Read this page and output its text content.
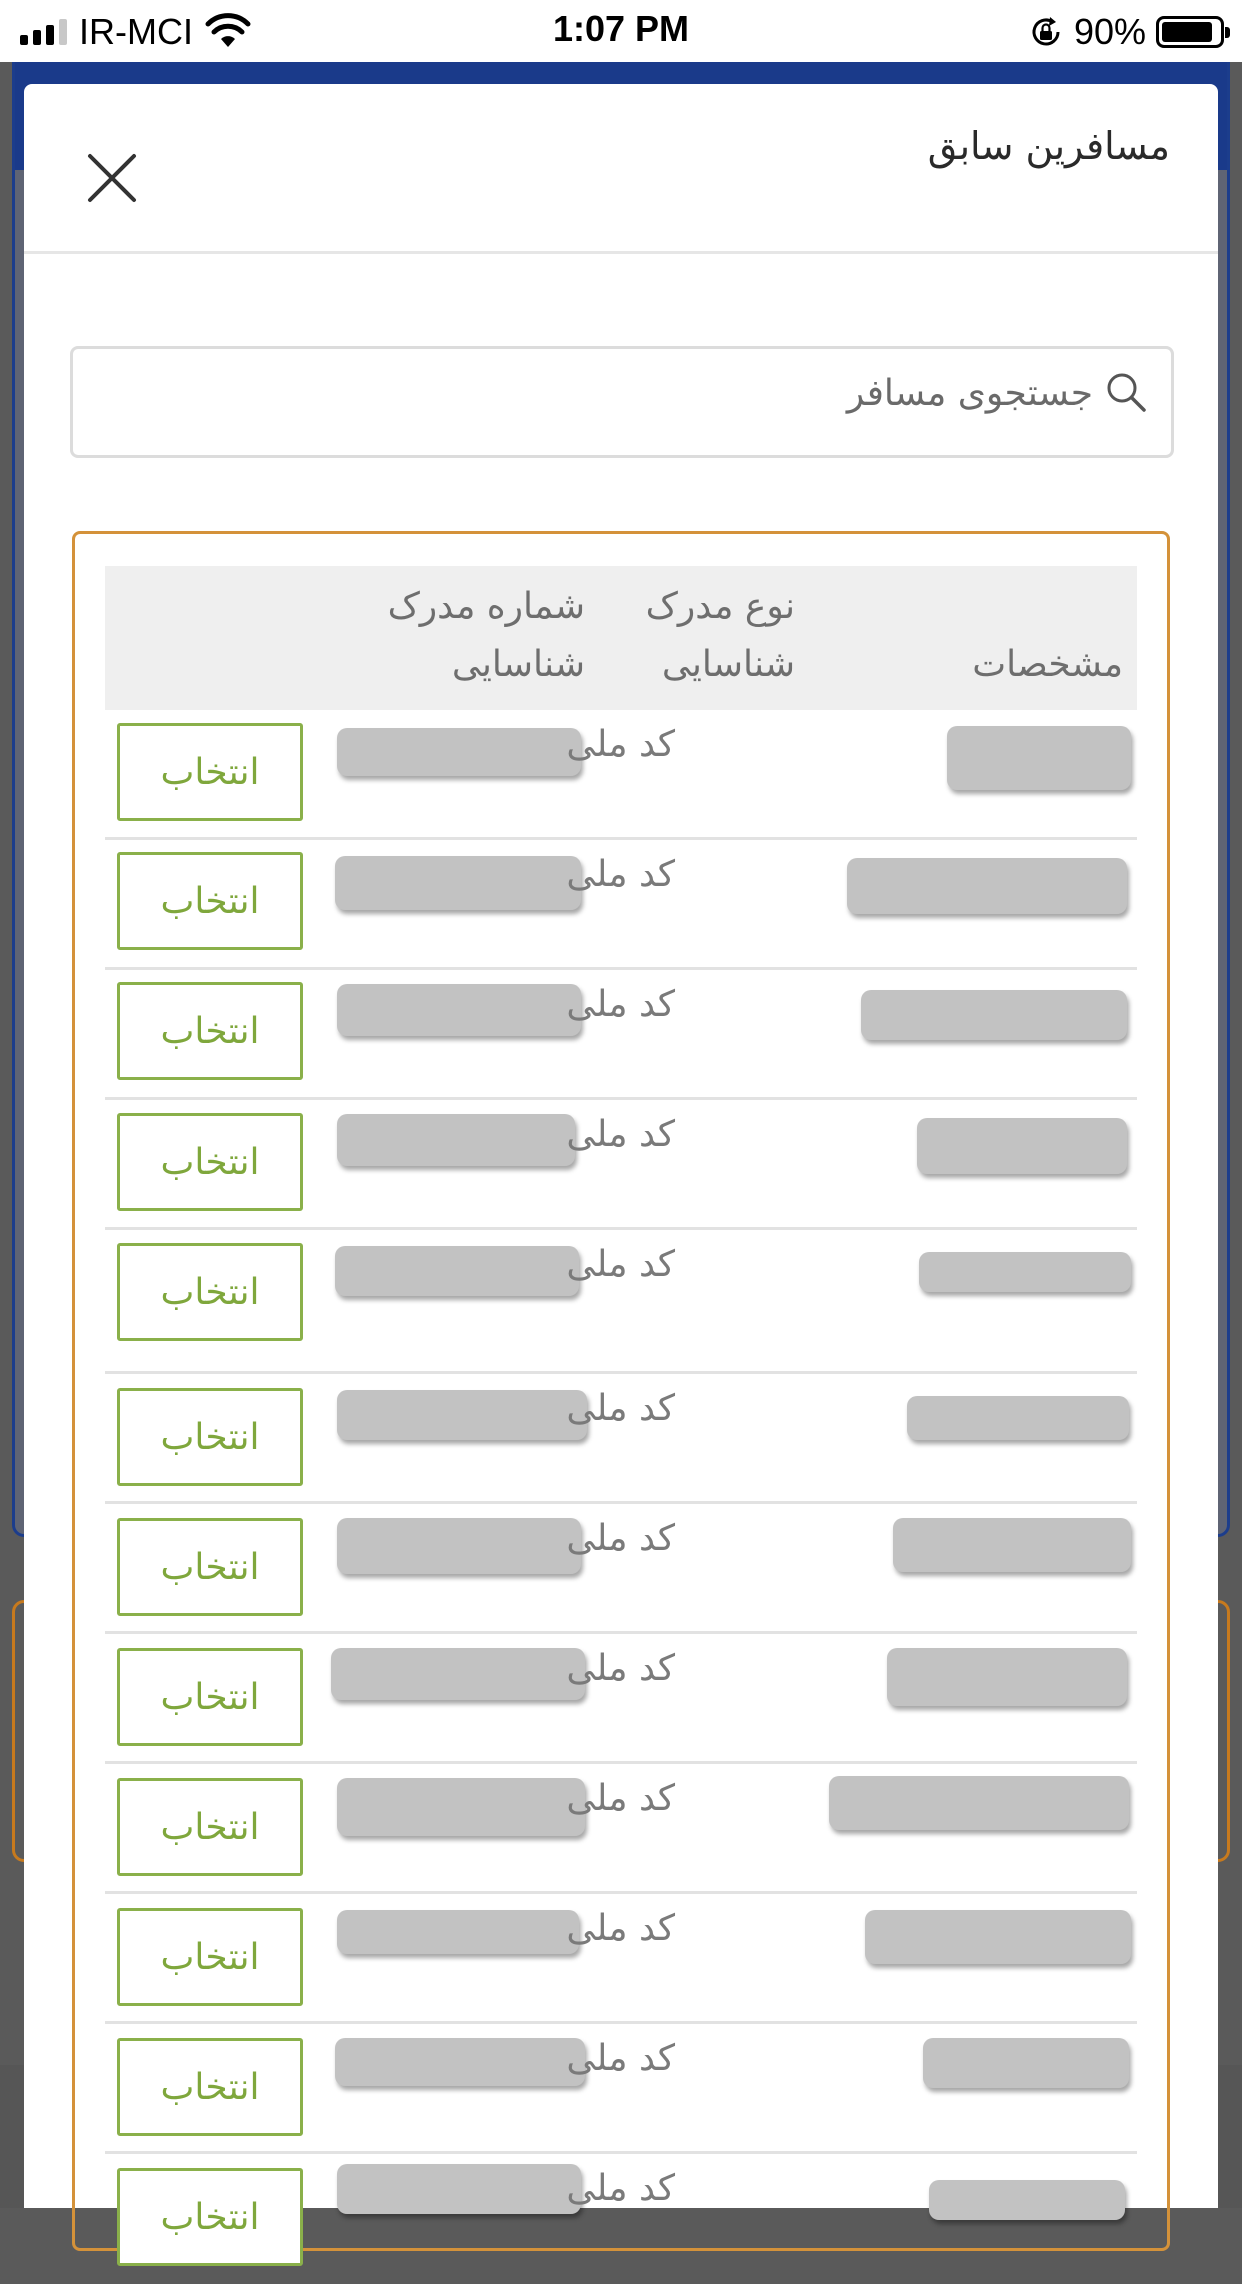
IR-MCI	1:07 PM	90%
مسافرین سابق
جستجوی مسافر
مشخصات
نوع مدرک شناسایی
شماره مدرک شناسایی
انتخاب
کد ملی
انتخاب
کد ملی
انتخاب
کد ملی
انتخاب
کد ملی
انتخاب
کد ملی
انتخاب
کد ملی
انتخاب
کد ملی
انتخاب
کد ملی
انتخاب
کد ملی
انتخاب
کد ملی
انتخاب
کد ملی
انتخاب
کد ملی
